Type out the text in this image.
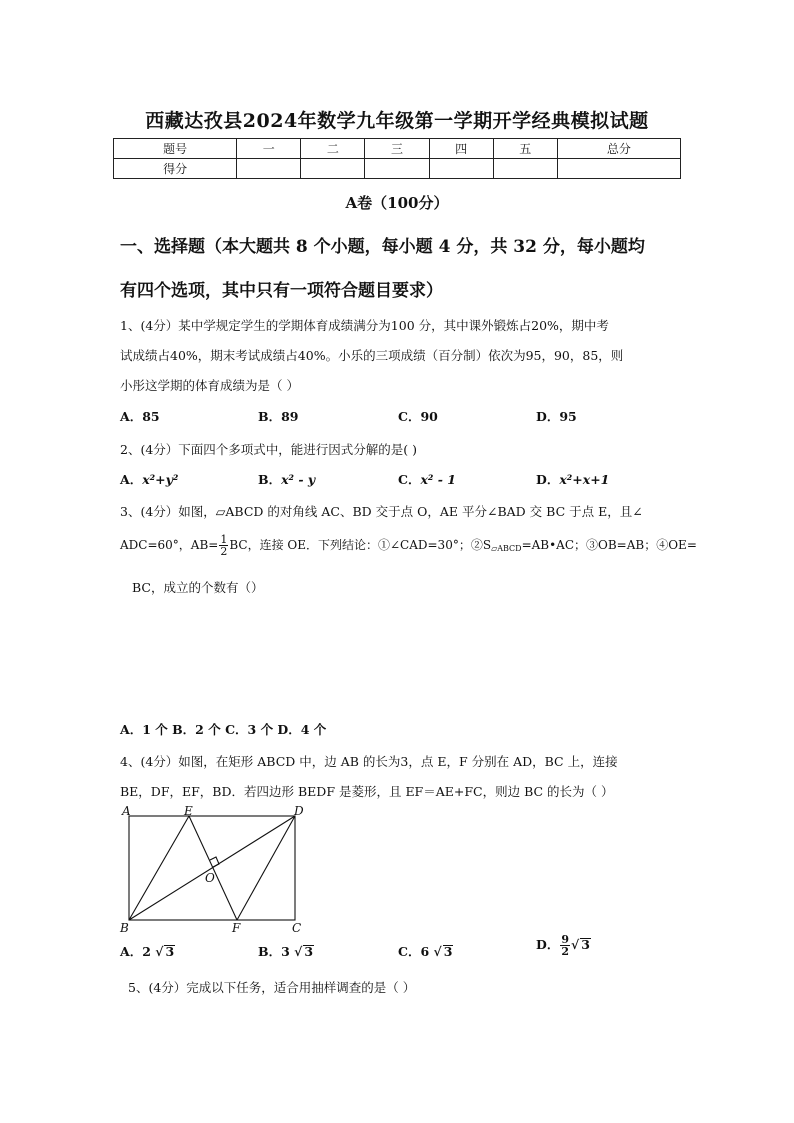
西藏达孜县2024年数学九年级第一学期开学经典模拟试题
题号	一	二	三	四	五	总分
得分						
A卷（100分）
一、选择题（本大题共 8 个小题，每小题 4 分，共 32 分，每小题均
有四个选项，其中只有一项符合题目要求）
1、(4分）某中学规定学生的学期体育成绩满分为100 分，其中课外锻炼占20%，期中考
试成绩占40%，期末考试成绩占40%。小乐的三项成绩（百分制）依次为95，90，85，则
小彤这学期的体育成绩为是（ ）
A．85	B．89	C．90	D．95
2、(4分）下面四个多项式中，能进行因式分解的是( )
A．x²+y²	B．x² - y	C．x² - 1	D．x²+x+1
3、(4分）如图，▱ABCD 的对角线 AC、BD 交于点 O，AE 平分∠BAD 交 BC 于点 E，且∠
ADC=60°，$AB= \frac{1}{2}$ BC，连接 OE．下列结论：①∠CAD=30°；$②S_{▱ABCD}=AB•AC$；③OB=AB；④OE=
BC，成立的个数有（）
A．1 个 B．2 个 C．3 个 D．4 个
4、(4分）如图，在矩形 ABCD 中，边 AB 的长为3，点 E，F 分别在 AD，BC 上，连接
BE，DF，EF，BD．若四边形 BEDF 是菱形，且 EF＝AE+FC，则边 BC 的长为（ ）
A	E	D
O
B	F	C
A．2 √ 3	B．3 √ 3	C．6 √ 3	D． $\frac{9}{2}$ √ 3
5、(4分）完成以下任务，适合用抽样调查的是（ ）
